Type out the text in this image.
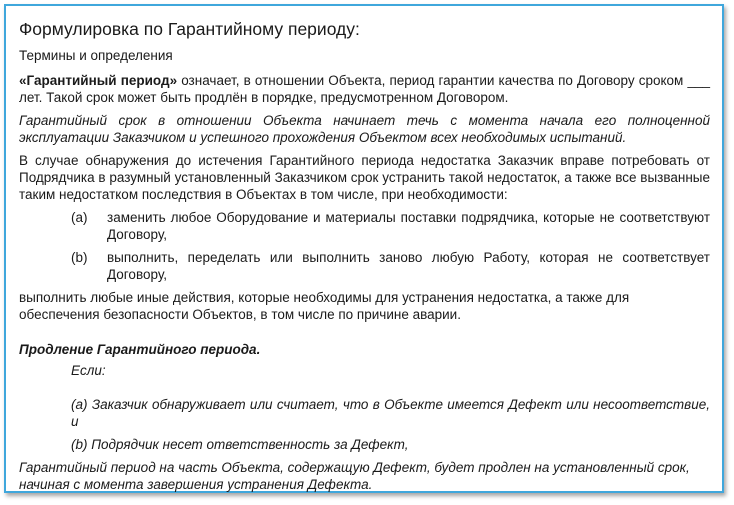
Формулировка по Гарантийному периоду:

Термины и определения

«Гарантийный период» означает, в отношении Объекта, период гарантии качества по Договору сроком ___ лет. Такой срок может быть продлён в порядке, предусмотренном Договором.

Гарантийный срок в отношении Объекта начинает течь с момента начала его полноценной эксплуатации Заказчиком и успешного прохождения Объектом всех необходимых испытаний.

В случае обнаружения до истечения Гарантийного периода недостатка Заказчик вправе потребовать от Подрядчика в разумный установленный Заказчиком срок устранить такой недостаток, а также все вызванные таким недостатком последствия в Объектах в том числе, при необходимости:

(a)	заменить любое Оборудование и материалы поставки подрядчика, которые не соответствуют Договору,
(b)	выполнить, переделать или выполнить заново любую Работу, которая не соответствует Договору,

выполнить любые иные действия, которые необходимы для устранения недостатка, а также для обеспечения безопасности Объектов, в том числе по причине аварии.

Продление Гарантийного периода.

Если:

(a) Заказчик обнаруживает или считает, что в Объекте имеется Дефект или несоответствие, и

(b) Подрядчик несет ответственность за Дефект,

Гарантийный период на часть Объекта, содержащую Дефект, будет продлен на установленный срок, начиная с момента завершения устранения Дефекта.
